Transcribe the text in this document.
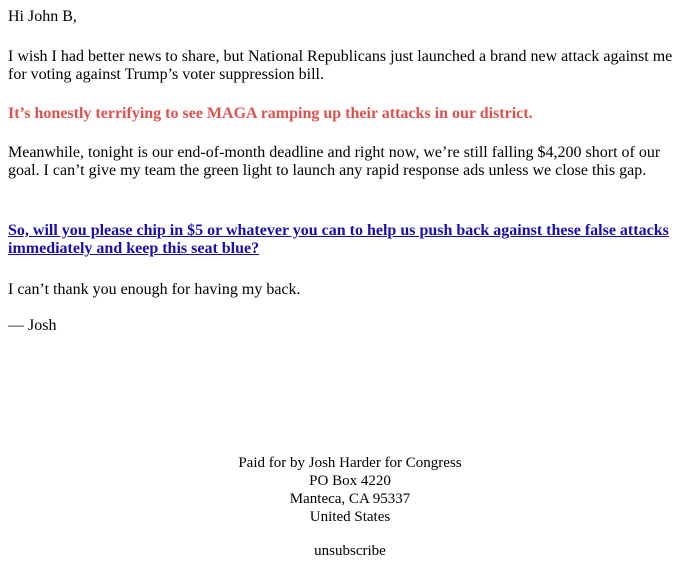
Hi John B,

I wish I had better news to share, but National Republicans just launched a brand new attack against me for voting against Trump’s voter suppression bill.

It’s honestly terrifying to see MAGA ramping up their attacks in our district.

Meanwhile, tonight is our end-of-month deadline and right now, we’re still falling $4,200 short of our goal. I can’t give my team the green light to launch any rapid response ads unless we close this gap.

So, will you please chip in $5 or whatever you can to help us push back against these false attacks immediately and keep this seat blue?

I can’t thank you enough for having my back.

— Josh

Paid for by Josh Harder for Congress
PO Box 4220
Manteca, CA 95337
United States
unsubscribe
